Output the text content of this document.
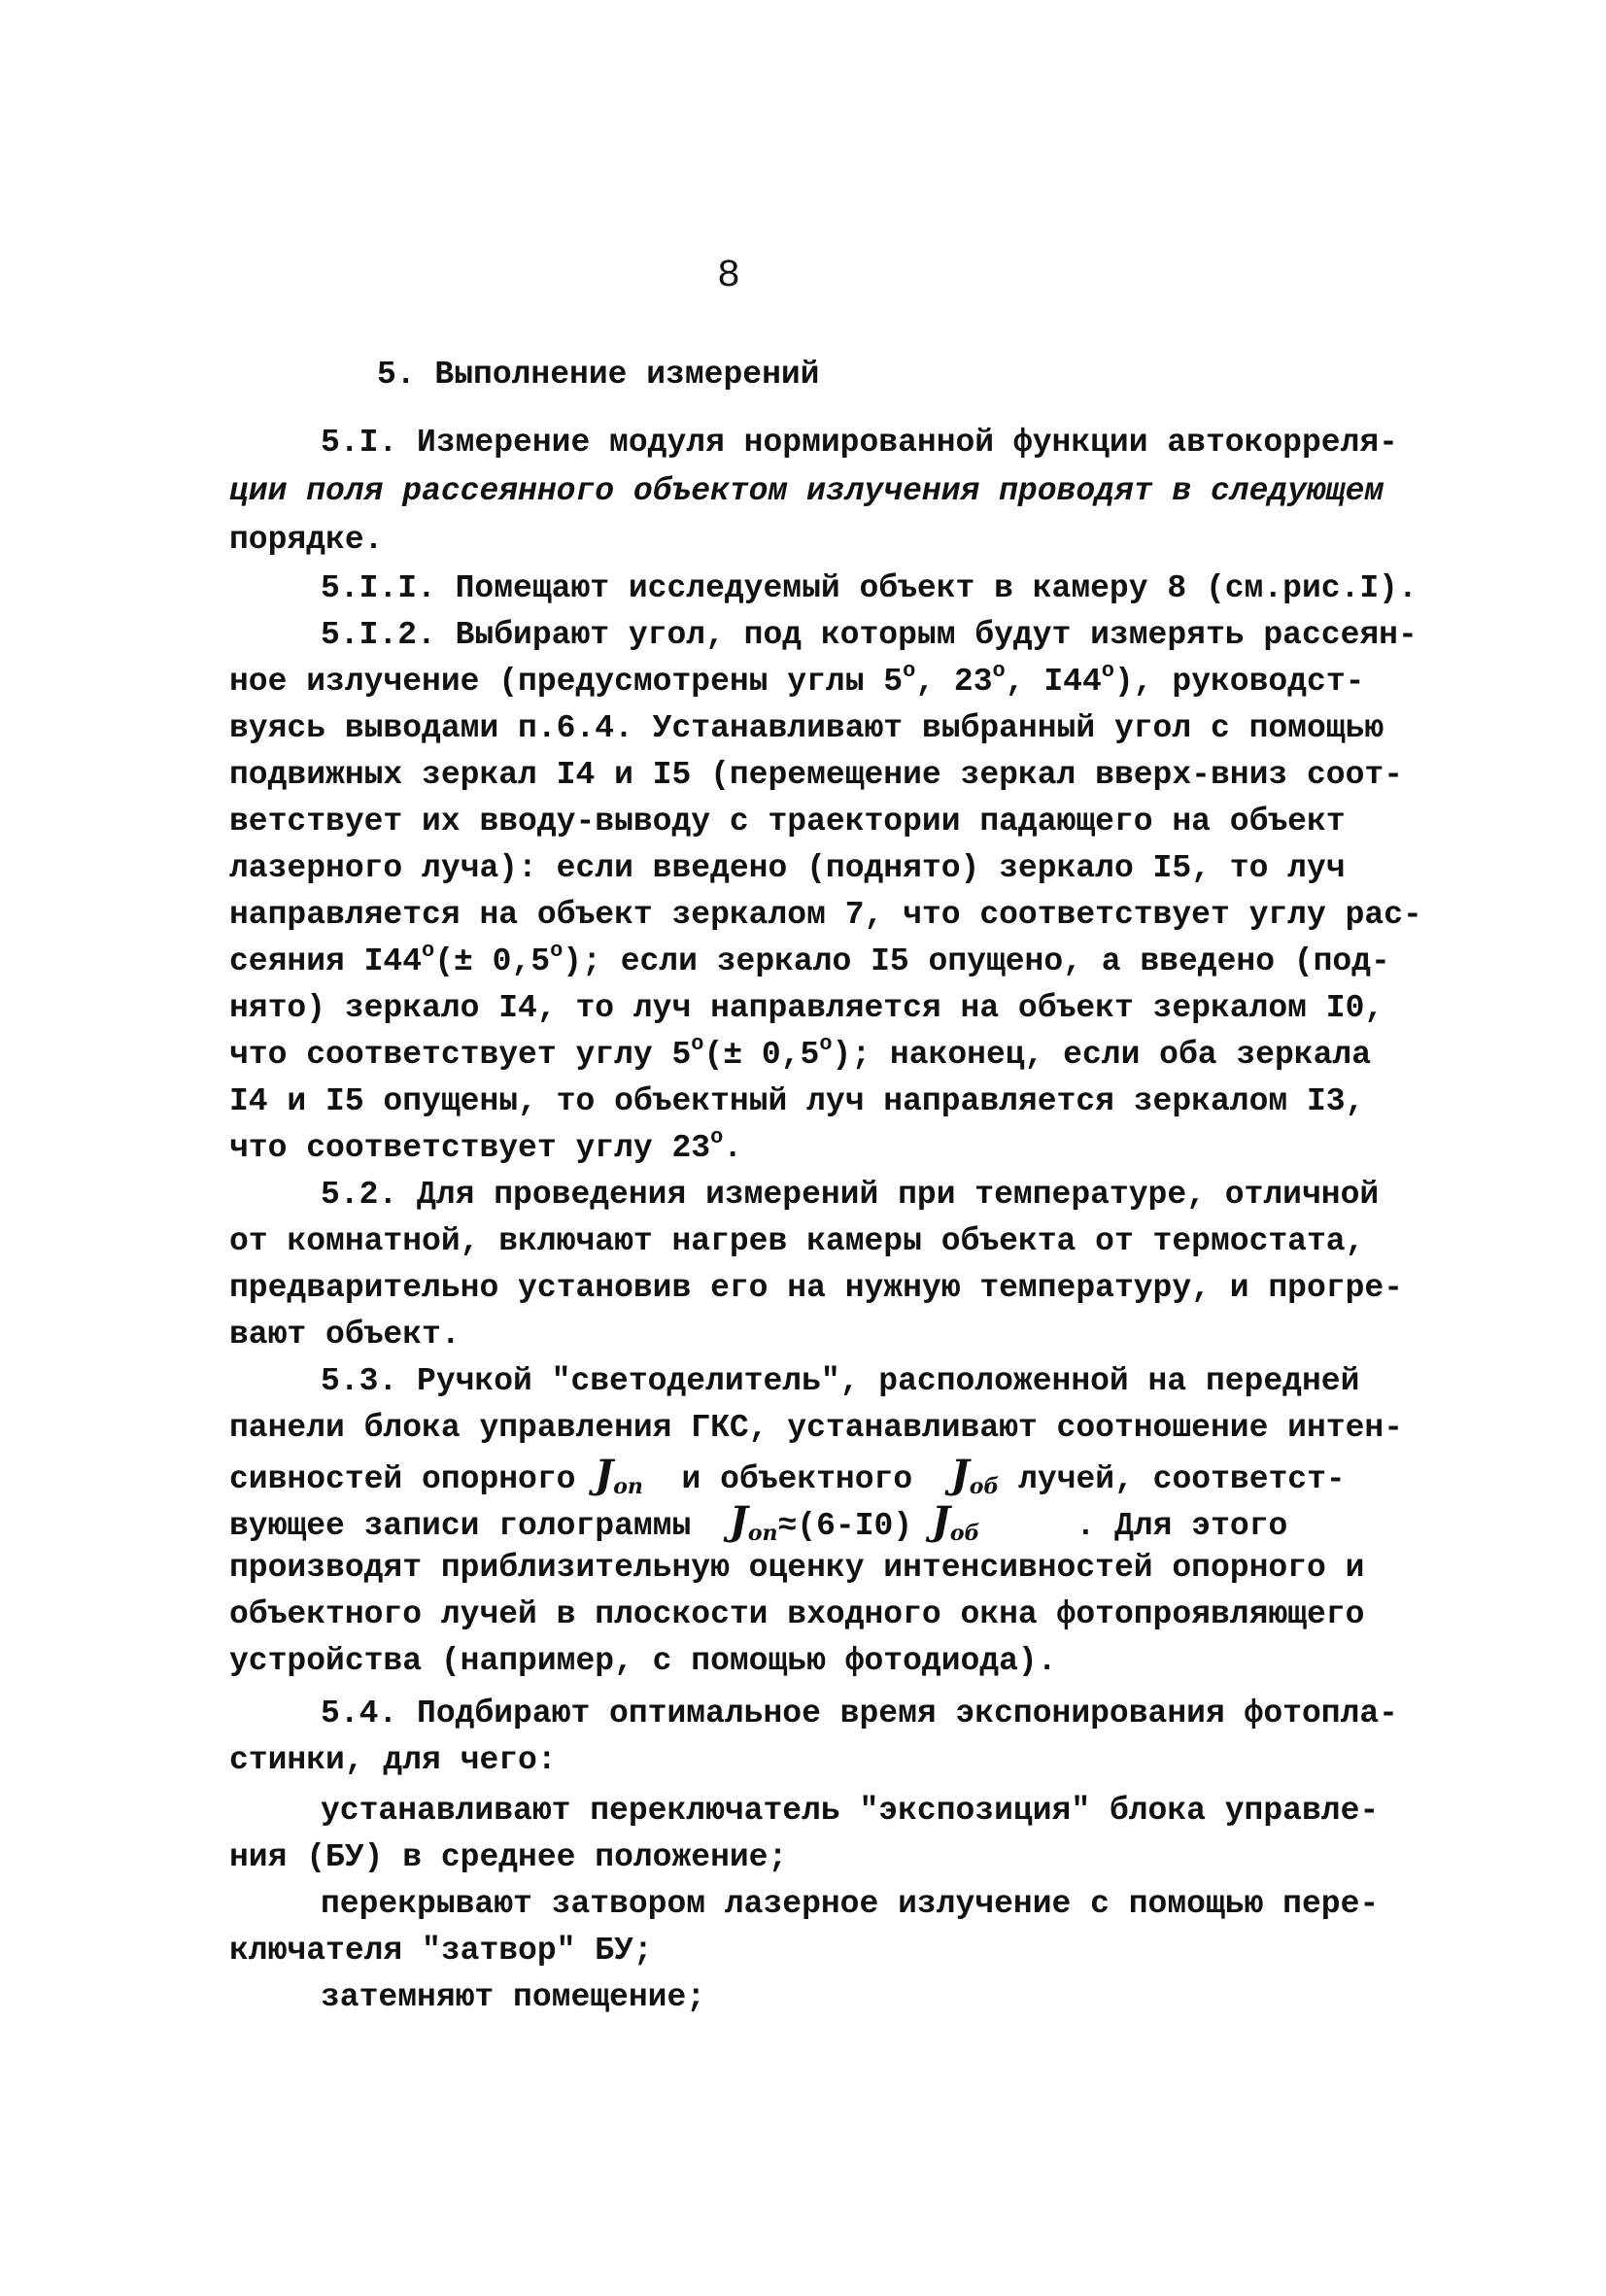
8
5. Выполнение измерений
5.I. Измерение модуля нормированной функции автокорреля-
ции поля рассеянного объектом излучения проводят в следующем
порядке.
5.I.I. Помещают исследуемый объект в камеру 8 (см.рис.I).
5.I.2. Выбирают угол, под которым будут измерять рассеян-
ное излучение (предусмотрены углы $5^о$, $23^о$, $I44^о$), руководст-
вуясь выводами п.6.4. Устанавливают выбранный угол с помощью
подвижных зеркал I4 и I5 (перемещение зеркал вверх-вниз соот-
ветствует их вводу-выводу с траектории падающего на объект
лазерного луча): если введено (поднято) зеркало I5, то луч
направляется на объект зеркалом 7, что соответствует углу рас-
сеяния $I44^о(\pm 0,5^о)$; если зеркало I5 опущено, а введено (под-
нято) зеркало I4, то луч направляется на объект зеркалом I0,
что соответствует углу $5^о(\pm 0,5^о)$; наконец, если оба зеркала
I4 и I5 опущены, то объектный луч направляется зеркалом I3,
что соответствует углу $23^о$.
5.2. Для проведения измерений при температуре, отличной
от комнатной, включают нагрев камеры объекта от термостата,
предварительно установив его на нужную температуру, и прогре-
вают объект.
5.3. Ручкой "светоделитель", расположенной на передней
панели блока управления ГКС, устанавливают соотношение интен-
сивностей опорного $J_{оп}$ и объектного $J_{об}$ лучей, соответст-
вующее записи голограммы $J_{оп}\approx(6-I0)$ $J_{об}$	. Для этого
производят приблизительную оценку интенсивностей опорного и
объектного лучей в плоскости входного окна фотопроявляющего
устройства (например, с помощью фотодиода).
5.4. Подбирают оптимальное время экспонирования фотопла-
стинки, для чего:
устанавливают переключатель "экспозиция" блока управле-
ния (БУ) в среднее положение;
перекрывают затвором лазерное излучение с помощью пере-
ключателя "затвор" БУ;
затемняют помещение;
